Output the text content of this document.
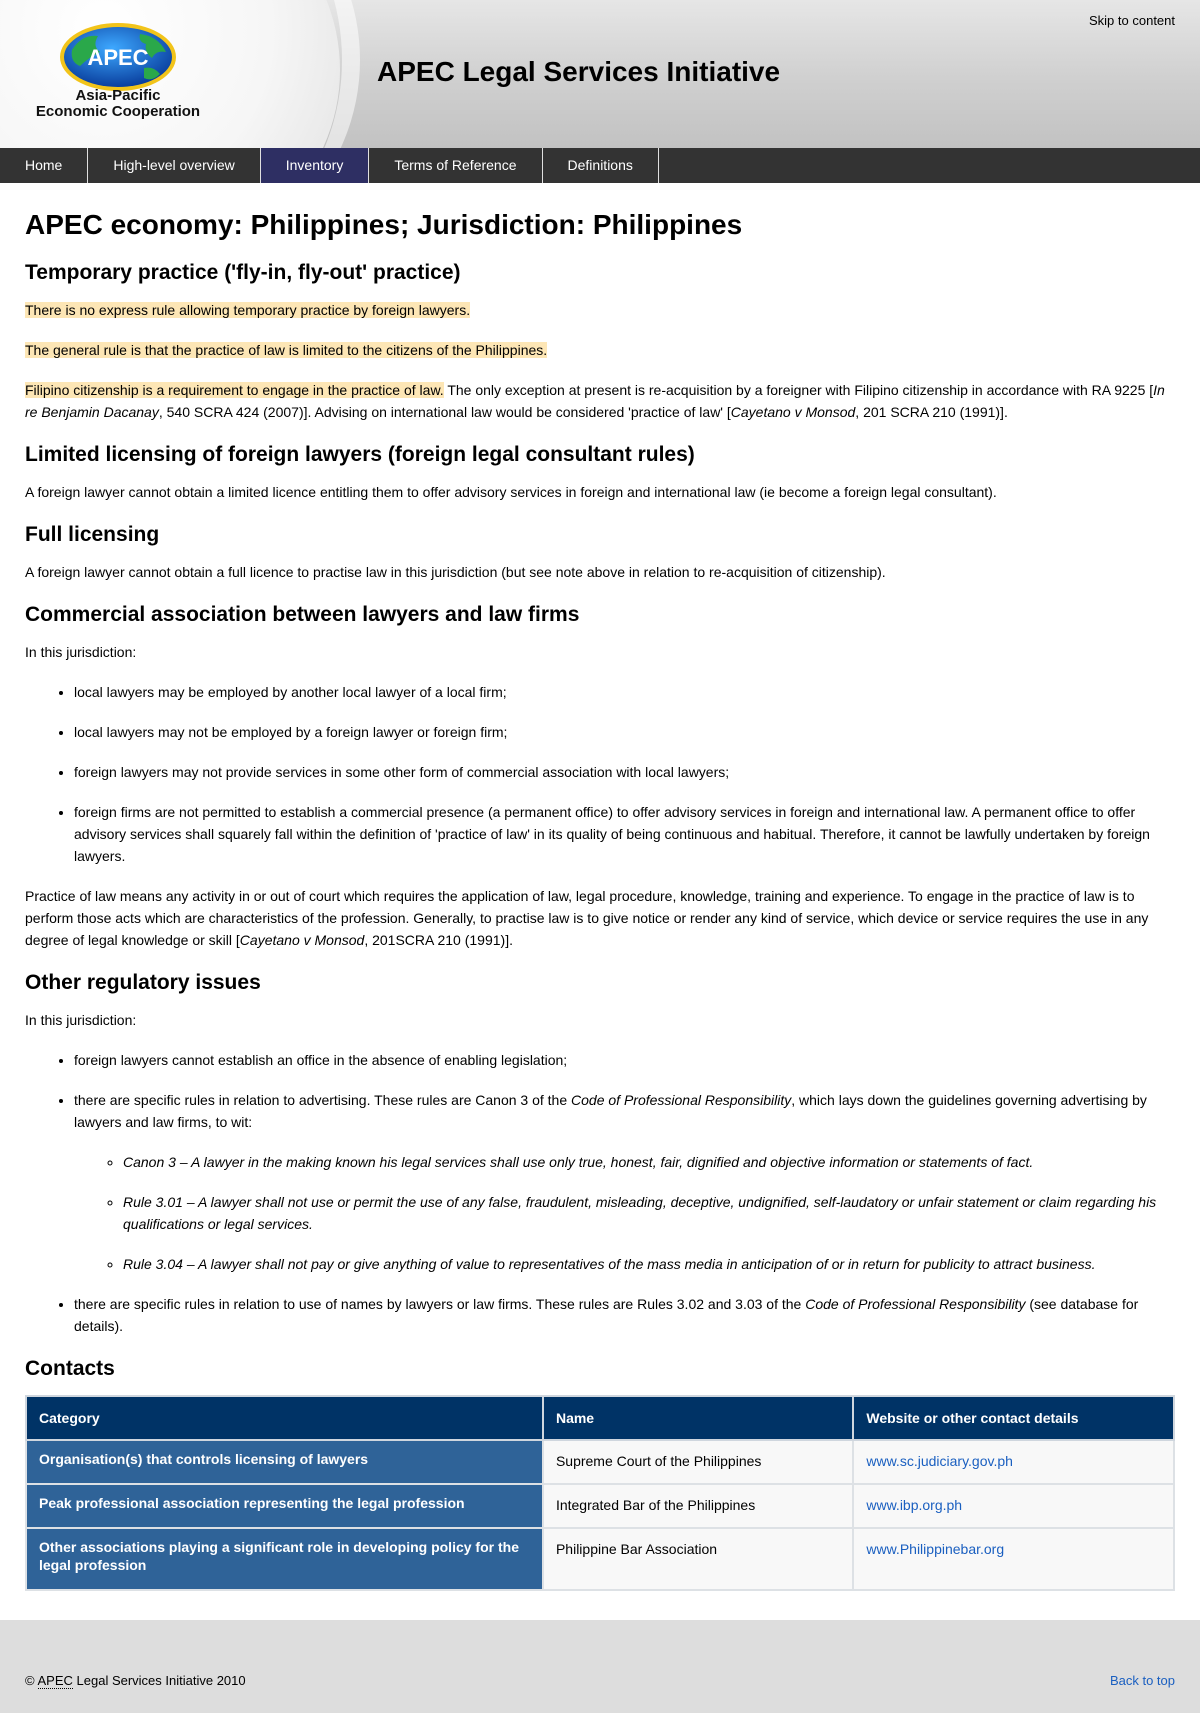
APEC
Asia-Pacific
Economic Cooperation
APEC Legal Services Initiative
Skip to content
Home	High-level overview	Inventory	Terms of Reference	Definitions
APEC economy: Philippines; Jurisdiction: Philippines
Temporary practice ('fly-in, fly-out' practice)

There is no express rule allowing temporary practice by foreign lawyers.

The general rule is that the practice of law is limited to the citizens of the Philippines.

Filipino citizenship is a requirement to engage in the practice of law. The only exception at present is re-acquisition by a foreigner with Filipino citizenship in accordance with RA 9225 [In re Benjamin Dacanay, 540 SCRA 424 (2007)]. Advising on international law would be considered 'practice of law' [Cayetano v Monsod, 201 SCRA 210 (1991)].

Limited licensing of foreign lawyers (foreign legal consultant rules)

A foreign lawyer cannot obtain a limited licence entitling them to offer advisory services in foreign and international law (ie become a foreign legal consultant).

Full licensing

A foreign lawyer cannot obtain a full licence to practise law in this jurisdiction (but see note above in relation to re-acquisition of citizenship).

Commercial association between lawyers and law firms

In this jurisdiction:

• local lawyers may be employed by another local lawyer of a local firm;
• local lawyers may not be employed by a foreign lawyer or foreign firm;
• foreign lawyers may not provide services in some other form of commercial association with local lawyers;
• foreign firms are not permitted to establish a commercial presence (a permanent office) to offer advisory services in foreign and international law. A permanent office to offer advisory services shall squarely fall within the definition of 'practice of law' in its quality of being continuous and habitual. Therefore, it cannot be lawfully undertaken by foreign lawyers.

Practice of law means any activity in or out of court which requires the application of law, legal procedure, knowledge, training and experience. To engage in the practice of law is to perform those acts which are characteristics of the profession. Generally, to practise law is to give notice or render any kind of service, which device or service requires the use in any degree of legal knowledge or skill [Cayetano v Monsod, 201SCRA 210 (1991)].

Other regulatory issues

In this jurisdiction:

• foreign lawyers cannot establish an office in the absence of enabling legislation;
• there are specific rules in relation to advertising. These rules are Canon 3 of the Code of Professional Responsibility, which lays down the guidelines governing advertising by lawyers and law firms, to wit:
◦ Canon 3 – A lawyer in the making known his legal services shall use only true, honest, fair, dignified and objective information or statements of fact.
◦ Rule 3.01 – A lawyer shall not use or permit the use of any false, fraudulent, misleading, deceptive, undignified, self-laudatory or unfair statement or claim regarding his qualifications or legal services.
◦ Rule 3.04 – A lawyer shall not pay or give anything of value to representatives of the mass media in anticipation of or in return for publicity to attract business.
• there are specific rules in relation to use of names by lawyers or law firms. These rules are Rules 3.02 and 3.03 of the Code of Professional Responsibility (see database for details).
Contacts
Category	Name	Website or other contact details
Organisation(s) that controls licensing of lawyers	Supreme Court of the Philippines	www.sc.judiciary.gov.ph
Peak professional association representing the legal profession	Integrated Bar of the Philippines	www.ibp.org.ph
Other associations playing a significant role in developing policy for the legal profession	Philippine Bar Association	www.Philippinebar.org
© APEC Legal Services Initiative 2010	Back to top
